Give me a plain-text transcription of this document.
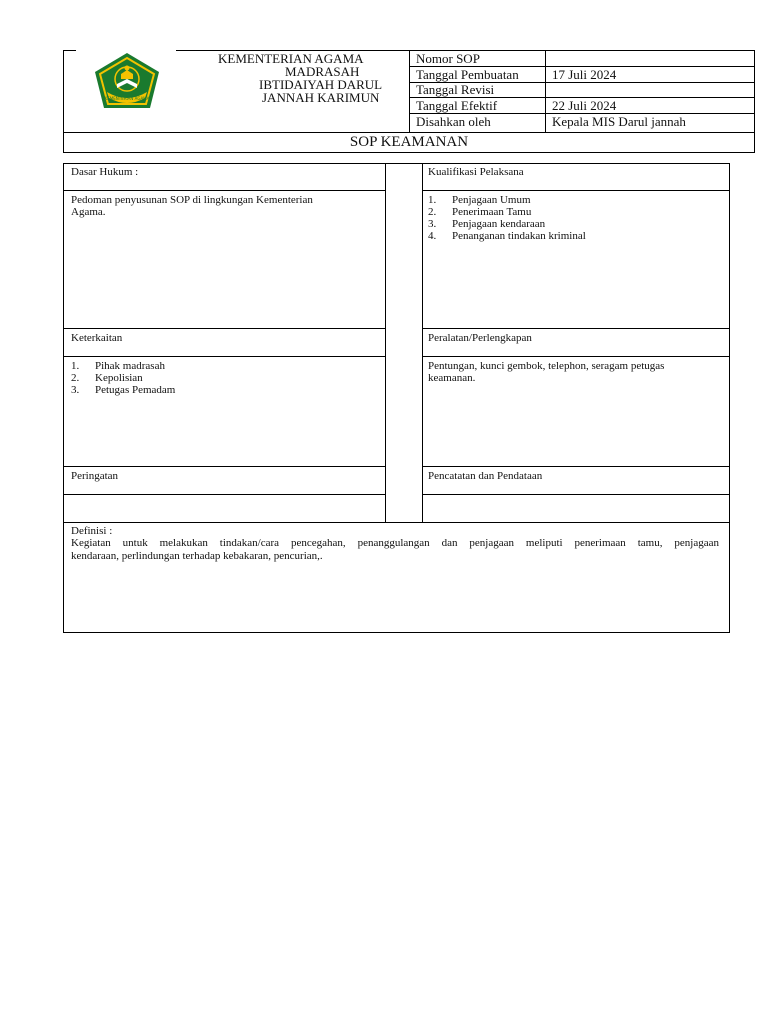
KEMENTERIAN AGAMA
KEMENTERIAN AGAMA
MADRASAH
IBTIDAIYAH DARUL
JANNAH KARIMUN
Nomor SOP
Tanggal Pembuatan	17 Juli 2024
Tanggal Revisi
Tanggal Efektif	22 Juli 2024
Disahkan oleh	Kepala MIS Darul jannah
SOP KEAMANAN
Dasar Hukum :
Pedoman penyusunan SOP di lingkungan Kementerian
Agama.
Keterkaitan
1. Pihak madrasah
2. Kepolisian
3. Petugas Pemadam
Peringatan
Kualifikasi Pelaksana
1. Penjagaan Umum
2. Penerimaan Tamu
3. Penjagaan kendaraan
4. Penanganan tindakan kriminal
Peralatan/Perlengkapan
Pentungan, kunci gembok, telephon, seragam petugas
keamanan.
Pencatatan dan Pendataan
Definisi :
Kegiatan untuk melakukan tindakan/cara pencegahan, penanggulangan dan penjagaan meliputi penerimaan tamu, penjagaan
kendaraan, perlindungan terhadap kebakaran, pencurian,.
